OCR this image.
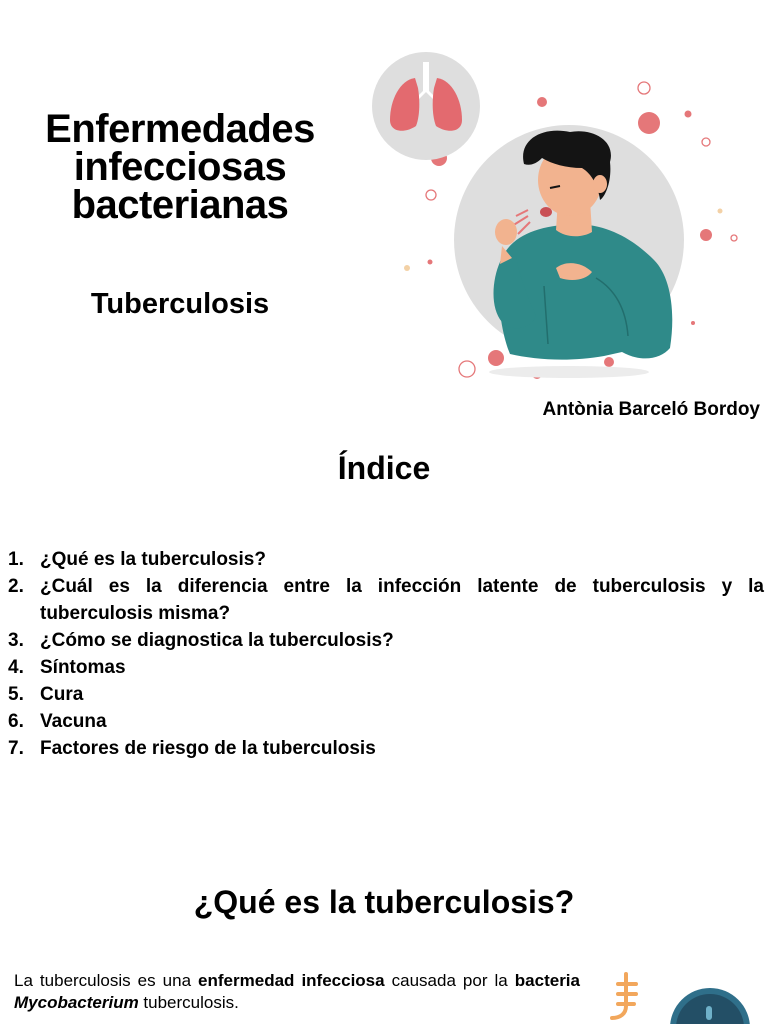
Enfermedades
infecciosas
bacterianas
Tuberculosis
Antònia Barceló Bordoy
Índice
1. ¿Qué es la tuberculosis?
2. ¿Cuál es la diferencia entre la infección latente de tuberculosis y la tuberculosis misma?
3. ¿Cómo se diagnostica la tuberculosis?
4. Síntomas
5. Cura
6. Vacuna
7. Factores de riesgo de la tuberculosis
¿Qué es la tuberculosis?

La tuberculosis es una enfermedad infecciosa causada por la bacteria Mycobacterium tuberculosis.
